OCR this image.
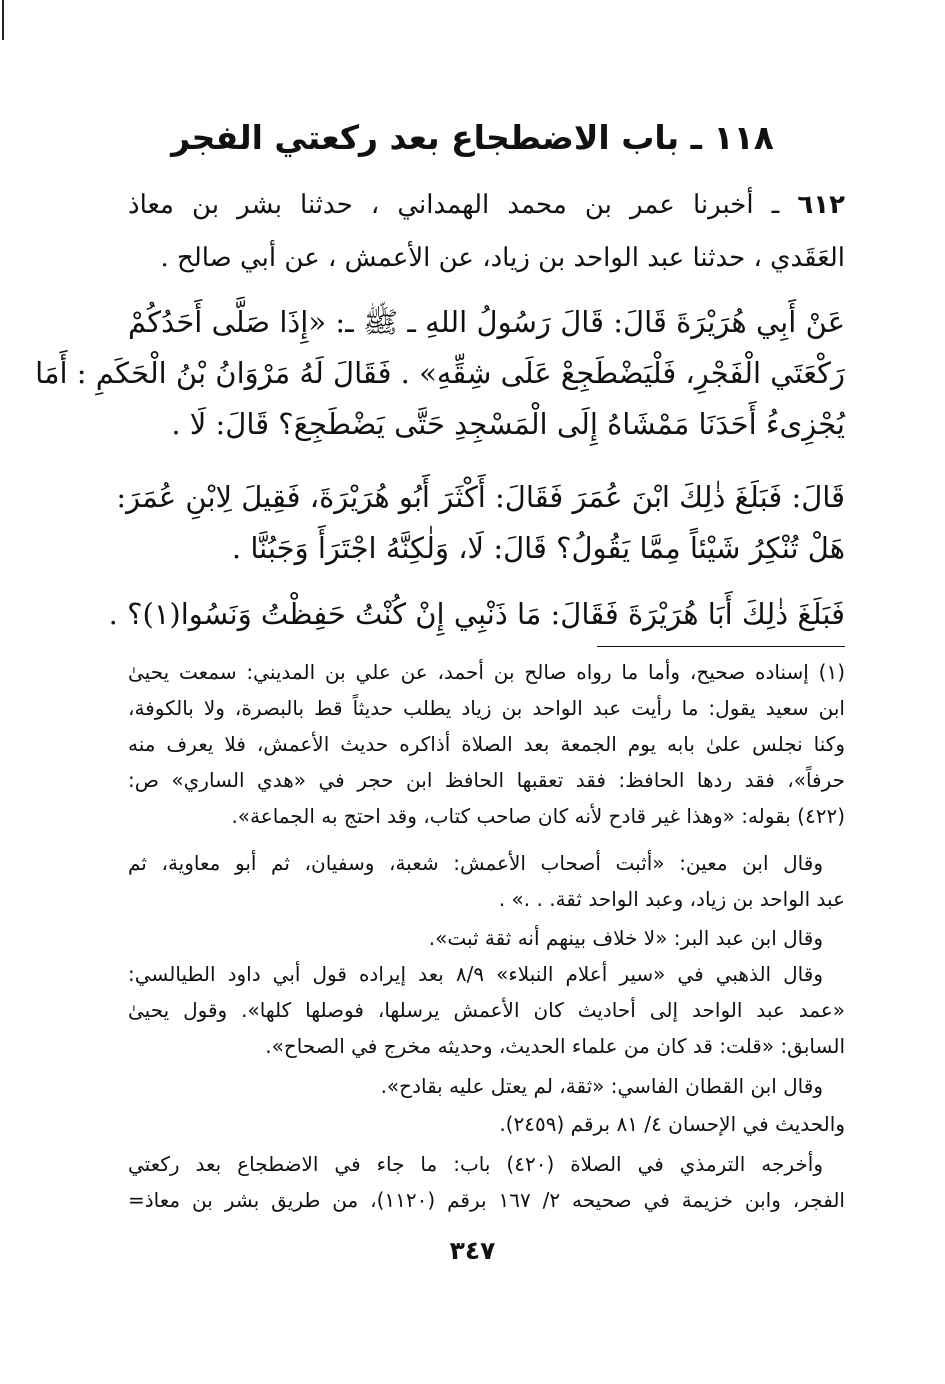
١١٨ ـ باب الاضطجاع بعد ركعتي الفجر
٦١٢ ـ أخبرنا عمر بن محمد الهمداني ، حدثنا بشر بن معاذ
العَقَدي ، حدثنا عبد الواحد بن زياد، عن الأعمش ، عن أبي صالح .
عَنْ أَبِي هُرَيْرَةَ قَالَ: قَالَ رَسُولُ اللهِ ـ ﷺ ـ: «إِذَا صَلَّى أَحَدُكُمْ
رَكْعَتَي الْفَجْرِ، فَلْيَضْطَجِعْ عَلَى شِقِّهِ» . فَقَالَ لَهُ مَرْوَانُ بْنُ الْحَكَمِ : أَمَا
يُجْزِىءُ أَحَدَنَا مَمْشَاهُ إِلَى الْمَسْجِدِ حَتَّى يَضْطَجِعَ؟ قَالَ: لَا .
قَالَ: فَبَلَغَ ذٰلِكَ ابْنَ عُمَرَ فَقَالَ: أَكْثَرَ أَبُو هُرَيْرَةَ، فَقِيلَ لِابْنِ عُمَرَ:
هَلْ تُنْكِرُ شَيْئاً مِمَّا يَقُولُ؟ قَالَ: لَا، وَلٰكِنَّهُ اجْتَرَأَ وَجَبُنَّا .
فَبَلَغَ ذٰلِكَ أَبَا هُرَيْرَةَ فَقَالَ: مَا ذَنْبِي إِنْ كُنْتُ حَفِظْتُ وَنَسُوا(١)؟ .
(١) إسناده صحيح، وأما ما رواه صالح بن أحمد، عن علي بن المديني: سمعت يحيىٰ
ابن سعيد يقول: ما رأيت عبد الواحد بن زياد يطلب حديثاً قط بالبصرة، ولا بالكوفة،
وكنا نجلس علىٰ بابه يوم الجمعة بعد الصلاة أذاكره حديث الأعمش، فلا يعرف منه
حرفاً»، فقد ردها الحافظ: فقد تعقبها الحافظ ابن حجر في «هدي الساري» ص:
(٤٢٢) بقوله: «وهذا غير قادح لأنه كان صاحب كتاب، وقد احتج به الجماعة».
وقال ابن معين: «أثبت أصحاب الأعمش: شعبة، وسفيان، ثم أبو معاوية، ثم
عبد الواحد بن زياد، وعبد الواحد ثقة. . .» .
وقال ابن عبد البر: «لا خلاف بينهم أنه ثقة ثبت».
وقال الذهبي في «سير أعلام النبلاء» ٨/٩ بعد إيراده قول أبي داود الطيالسي:
«عمد عبد الواحد إلى أحاديث كان الأعمش يرسلها، فوصلها كلها». وقول يحيىٰ
السابق: «قلت: قد كان من علماء الحديث، وحديثه مخرج في الصحاح».
وقال ابن القطان الفاسي: «ثقة، لم يعتل عليه بقادح».
والحديث في الإحسان ٤/ ٨١ برقم (٢٤٥٩).
وأخرجه الترمذي في الصلاة (٤٢٠) باب: ما جاء في الاضطجاع بعد ركعتي
الفجر، وابن خزيمة في صحيحه ٢/ ١٦٧ برقم (١١٢٠)، من طريق بشر بن معاذ=
٣٤٧
